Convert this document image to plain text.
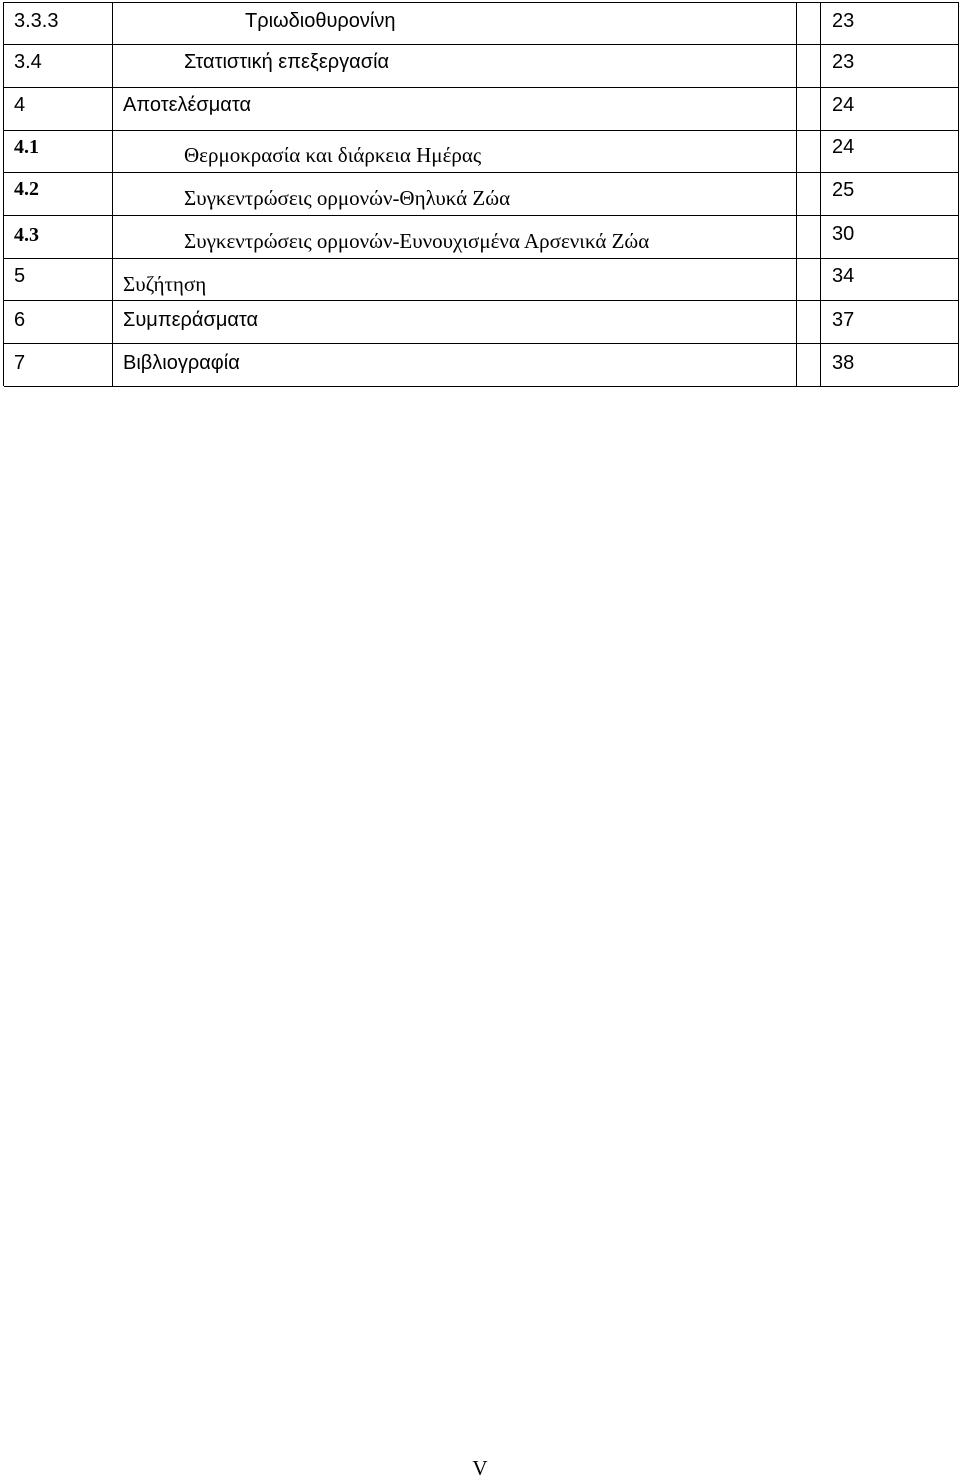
3.3.3	Τριωδιοθυρονίνη	23
3.4	Στατιστική επεξεργασία	23
4	Αποτελέσματα	24
4.1	Θερμοκρασία και διάρκεια Ημέρας	24
4.2	Συγκεντρώσεις ορμονών-Θηλυκά Ζώα	25
4.3	Συγκεντρώσεις ορμονών-Ευνουχισμένα Αρσενικά Ζώα	30
5	Συζήτηση	34
6	Συμπεράσματα	37
7	Βιβλιογραφία	38
V
